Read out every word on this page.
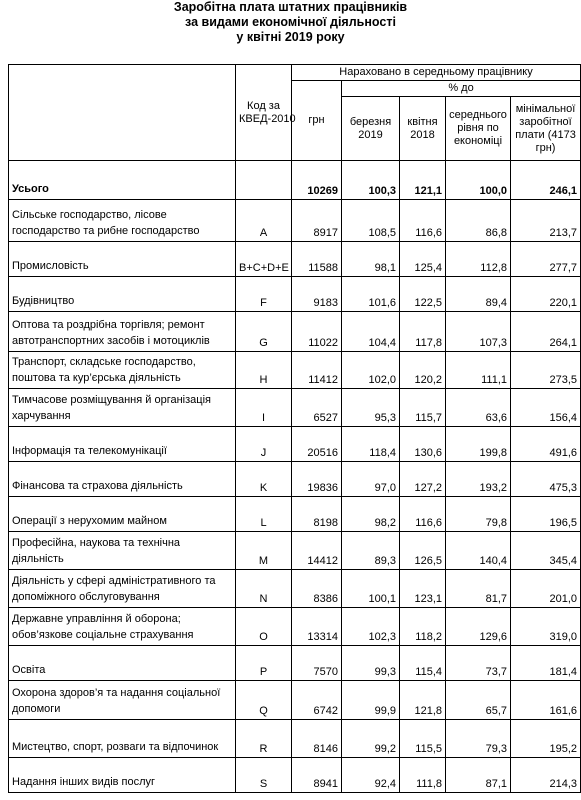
Заробітна плата штатних працівників
за видами економічної діяльності
у квітні 2019 року
	Код за КВЕД-2010	Нараховано в середньому працівнику				
		грн	% до			
			березня 2019	квітня 2018	середнього рівня по економіці	мінімальної заробітної плати (4173 грн)
Усього		10269	100,3	121,1	100,0	246,1
Сільське господарство, лісове господарство та рибне господарство	A	8917	108,5	116,6	86,8	213,7
Промисловість	B+C+D+E	11588	98,1	125,4	112,8	277,7
Будівництво	F	9183	101,6	122,5	89,4	220,1
Оптова та роздрібна торгівля; ремонт автотранспортних засобів і мотоциклів	G	11022	104,4	117,8	107,3	264,1
Транспорт, складське господарство, поштова та кур’єрська діяльність	H	11412	102,0	120,2	111,1	273,5
Тимчасове розміщування й організація харчування	I	6527	95,3	115,7	63,6	156,4
Інформація та телекомунікації	J	20516	118,4	130,6	199,8	491,6
Фінансова та страхова діяльність	K	19836	97,0	127,2	193,2	475,3
Операції з нерухомим майном	L	8198	98,2	116,6	79,8	196,5
Професійна, наукова та технічна діяльність	M	14412	89,3	126,5	140,4	345,4
Діяльність у сфері адміністративного та допоміжного обслуговування	N	8386	100,1	123,1	81,7	201,0
Державне управління й оборона; обов’язкове соціальне страхування	O	13314	102,3	118,2	129,6	319,0
Освіта	P	7570	99,3	115,4	73,7	181,4
Охорона здоров’я та надання соціальної допомоги	Q	6742	99,9	121,8	65,7	161,6
Мистецтво, спорт, розваги та відпочинок	R	8146	99,2	115,5	79,3	195,2
Надання інших видів послуг	S	8941	92,4	111,8	87,1	214,3
